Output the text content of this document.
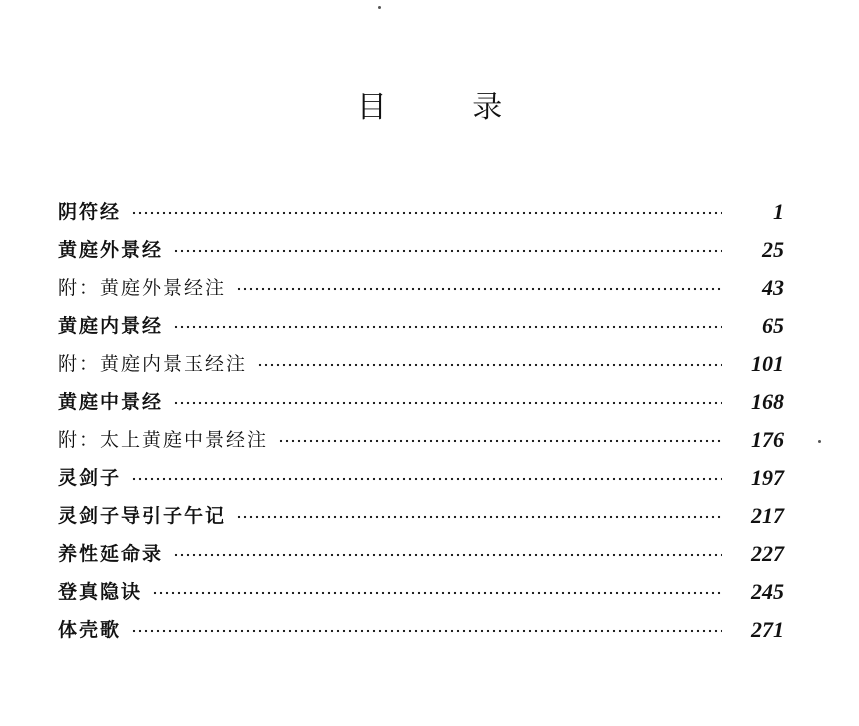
目 录
阴符经	1
黄庭外景经	25
附：黄庭外景经注	43
黄庭内景经	65
附：黄庭内景玉经注	101
黄庭中景经	168
附：太上黄庭中景经注	176
灵剑子	197
灵剑子导引子午记	217
养性延命录	227
登真隐诀	245
体壳歌	271
